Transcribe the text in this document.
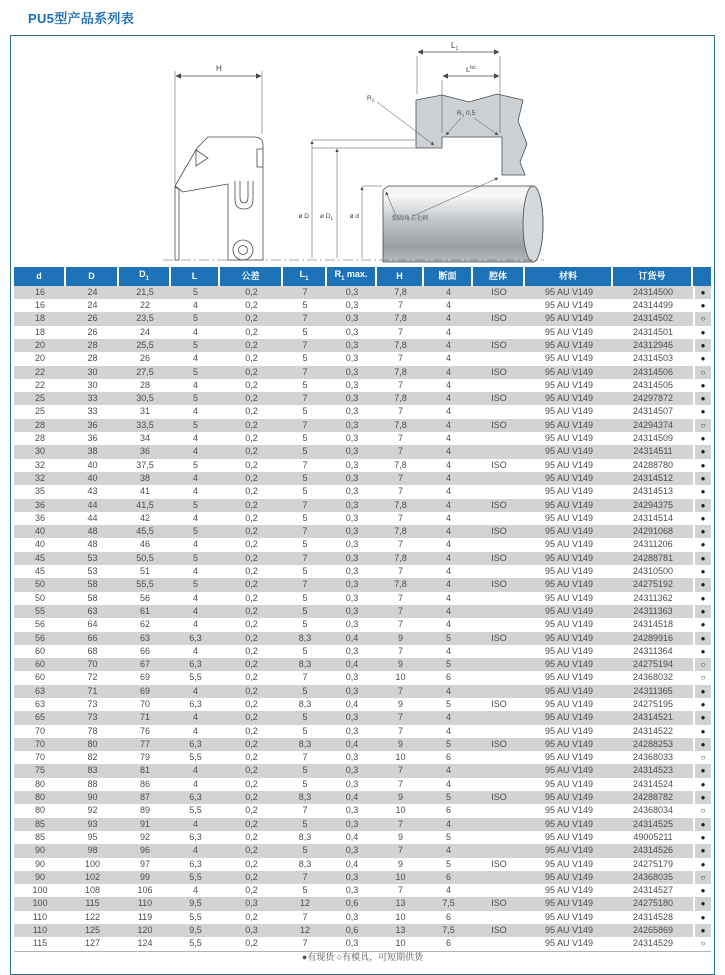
PU5型产品系列表
H
$L_1$
$L^{tol.}$
$R_2$
$R_1$ 0,5
ø D ø $D_1$	ø d	倒圆角去毛刺
d	D	$D_1$	L	公差	$L_1$	$R_1$ max.	H	断面	腔体	材料	订货号	
16	24	21,5	5	0,2	7	0,3	7,8	4	ISO	95 AU V149	24314500	●
16	24	22	4	0,2	5	0,3	7	4		95 AU V149	24314499	●
18	26	23,5	5	0,2	7	0,3	7,8	4	ISO	95 AU V149	24314502	○
18	26	24	4	0,2	5	0,3	7	4		95 AU V149	24314501	●
20	28	25,5	5	0,2	7	0,3	7,8	4	ISO	95 AU V149	24312946	●
20	28	26	4	0,2	5	0,3	7	4		95 AU V149	24314503	●
22	30	27,5	5	0,2	7	0,3	7,8	4	ISO	95 AU V149	24314506	○
22	30	28	4	0,2	5	0,3	7	4		95 AU V149	24314505	●
25	33	30,5	5	0,2	7	0,3	7,8	4	ISO	95 AU V149	24297872	●
25	33	31	4	0,2	5	0,3	7	4		95 AU V149	24314507	●
28	36	33,5	5	0,2	7	0,3	7,8	4	ISO	95 AU V149	24294374	○
28	36	34	4	0,2	5	0,3	7	4		95 AU V149	24314509	●
30	38	36	4	0,2	5	0,3	7	4		95 AU V149	24314511	●
32	40	37,5	5	0,2	7	0,3	7,8	4	ISO	95 AU V149	24288780	●
32	40	38	4	0,2	5	0,3	7	4		95 AU V149	24314512	●
35	43	41	4	0,2	5	0,3	7	4		95 AU V149	24314513	●
36	44	41,5	5	0,2	7	0,3	7,8	4	ISO	95 AU V149	24294375	●
36	44	42	4	0,2	5	0,3	7	4		95 AU V149	24314514	●
40	48	45,5	5	0,2	7	0,3	7,8	4	ISO	95 AU V149	24291068	●
40	48	46	4	0,2	5	0,3	7	4		95 AU V149	24311206	●
45	53	50,5	5	0,2	7	0,3	7,8	4	ISO	95 AU V149	24288781	●
45	53	51	4	0,2	5	0,3	7	4		95 AU V149	24310500	●
50	58	55,5	5	0,2	7	0,3	7,8	4	ISO	95 AU V149	24275192	●
50	58	56	4	0,2	5	0,3	7	4		95 AU V149	24311362	●
55	63	61	4	0,2	5	0,3	7	4		95 AU V149	24311363	●
56	64	62	4	0,2	5	0,3	7	4		95 AU V149	24314518	●
56	66	63	6,3	0,2	8,3	0,4	9	5	ISO	95 AU V149	24289916	●
60	68	66	4	0,2	5	0,3	7	4		95 AU V149	24311364	●
60	70	67	6,3	0,2	8,3	0,4	9	5		95 AU V149	24275194	○
60	72	69	5,5	0,2	7	0,3	10	6		95 AU V149	24368032	○
63	71	69	4	0,2	5	0,3	7	4		95 AU V149	24311365	●
63	73	70	6,3	0,2	8,3	0,4	9	5	ISO	95 AU V149	24275195	●
65	73	71	4	0,2	5	0,3	7	4		95 AU V149	24314521	●
70	78	76	4	0,2	5	0,3	7	4		95 AU V149	24314522	●
70	80	77	6,3	0,2	8,3	0,4	9	5	ISO	95 AU V149	24288253	●
70	82	79	5,5	0,2	7	0,3	10	6		95 AU V149	24368033	○
75	83	81	4	0,2	5	0,3	7	4		95 AU V149	24314523	●
80	88	86	4	0,2	5	0,3	7	4		95 AU V149	24314524	●
80	90	87	6,3	0,2	8,3	0,4	9	5	ISO	95 AU V149	24288782	●
80	92	89	5,5	0,2	7	0,3	10	6		95 AU V149	24368034	○
85	93	91	4	0,2	5	0,3	7	4		95 AU V149	24314525	●
85	95	92	6,3	0,2	8,3	0,4	9	5		95 AU V149	49005211	●
90	98	96	4	0,2	5	0,3	7	4		95 AU V149	24314526	●
90	100	97	6,3	0,2	8,3	0,4	9	5	ISO	95 AU V149	24275179	●
90	102	99	5,5	0,2	7	0,3	10	6		95 AU V149	24368035	○
100	108	106	4	0,2	5	0,3	7	4		95 AU V149	24314527	●
100	115	110	9,5	0,3	12	0,6	13	7,5	ISO	95 AU V149	24275180	●
110	122	119	5,5	0,2	7	0,3	10	6		95 AU V149	24314528	●
110	125	120	9,5	0,3	12	0,6	13	7,5	ISO	95 AU V149	24265869	●
115	127	124	5,5	0,2	7	0,3	10	6		95 AU V149	24314529	○
●有现货 ○有模具，可短期供货
